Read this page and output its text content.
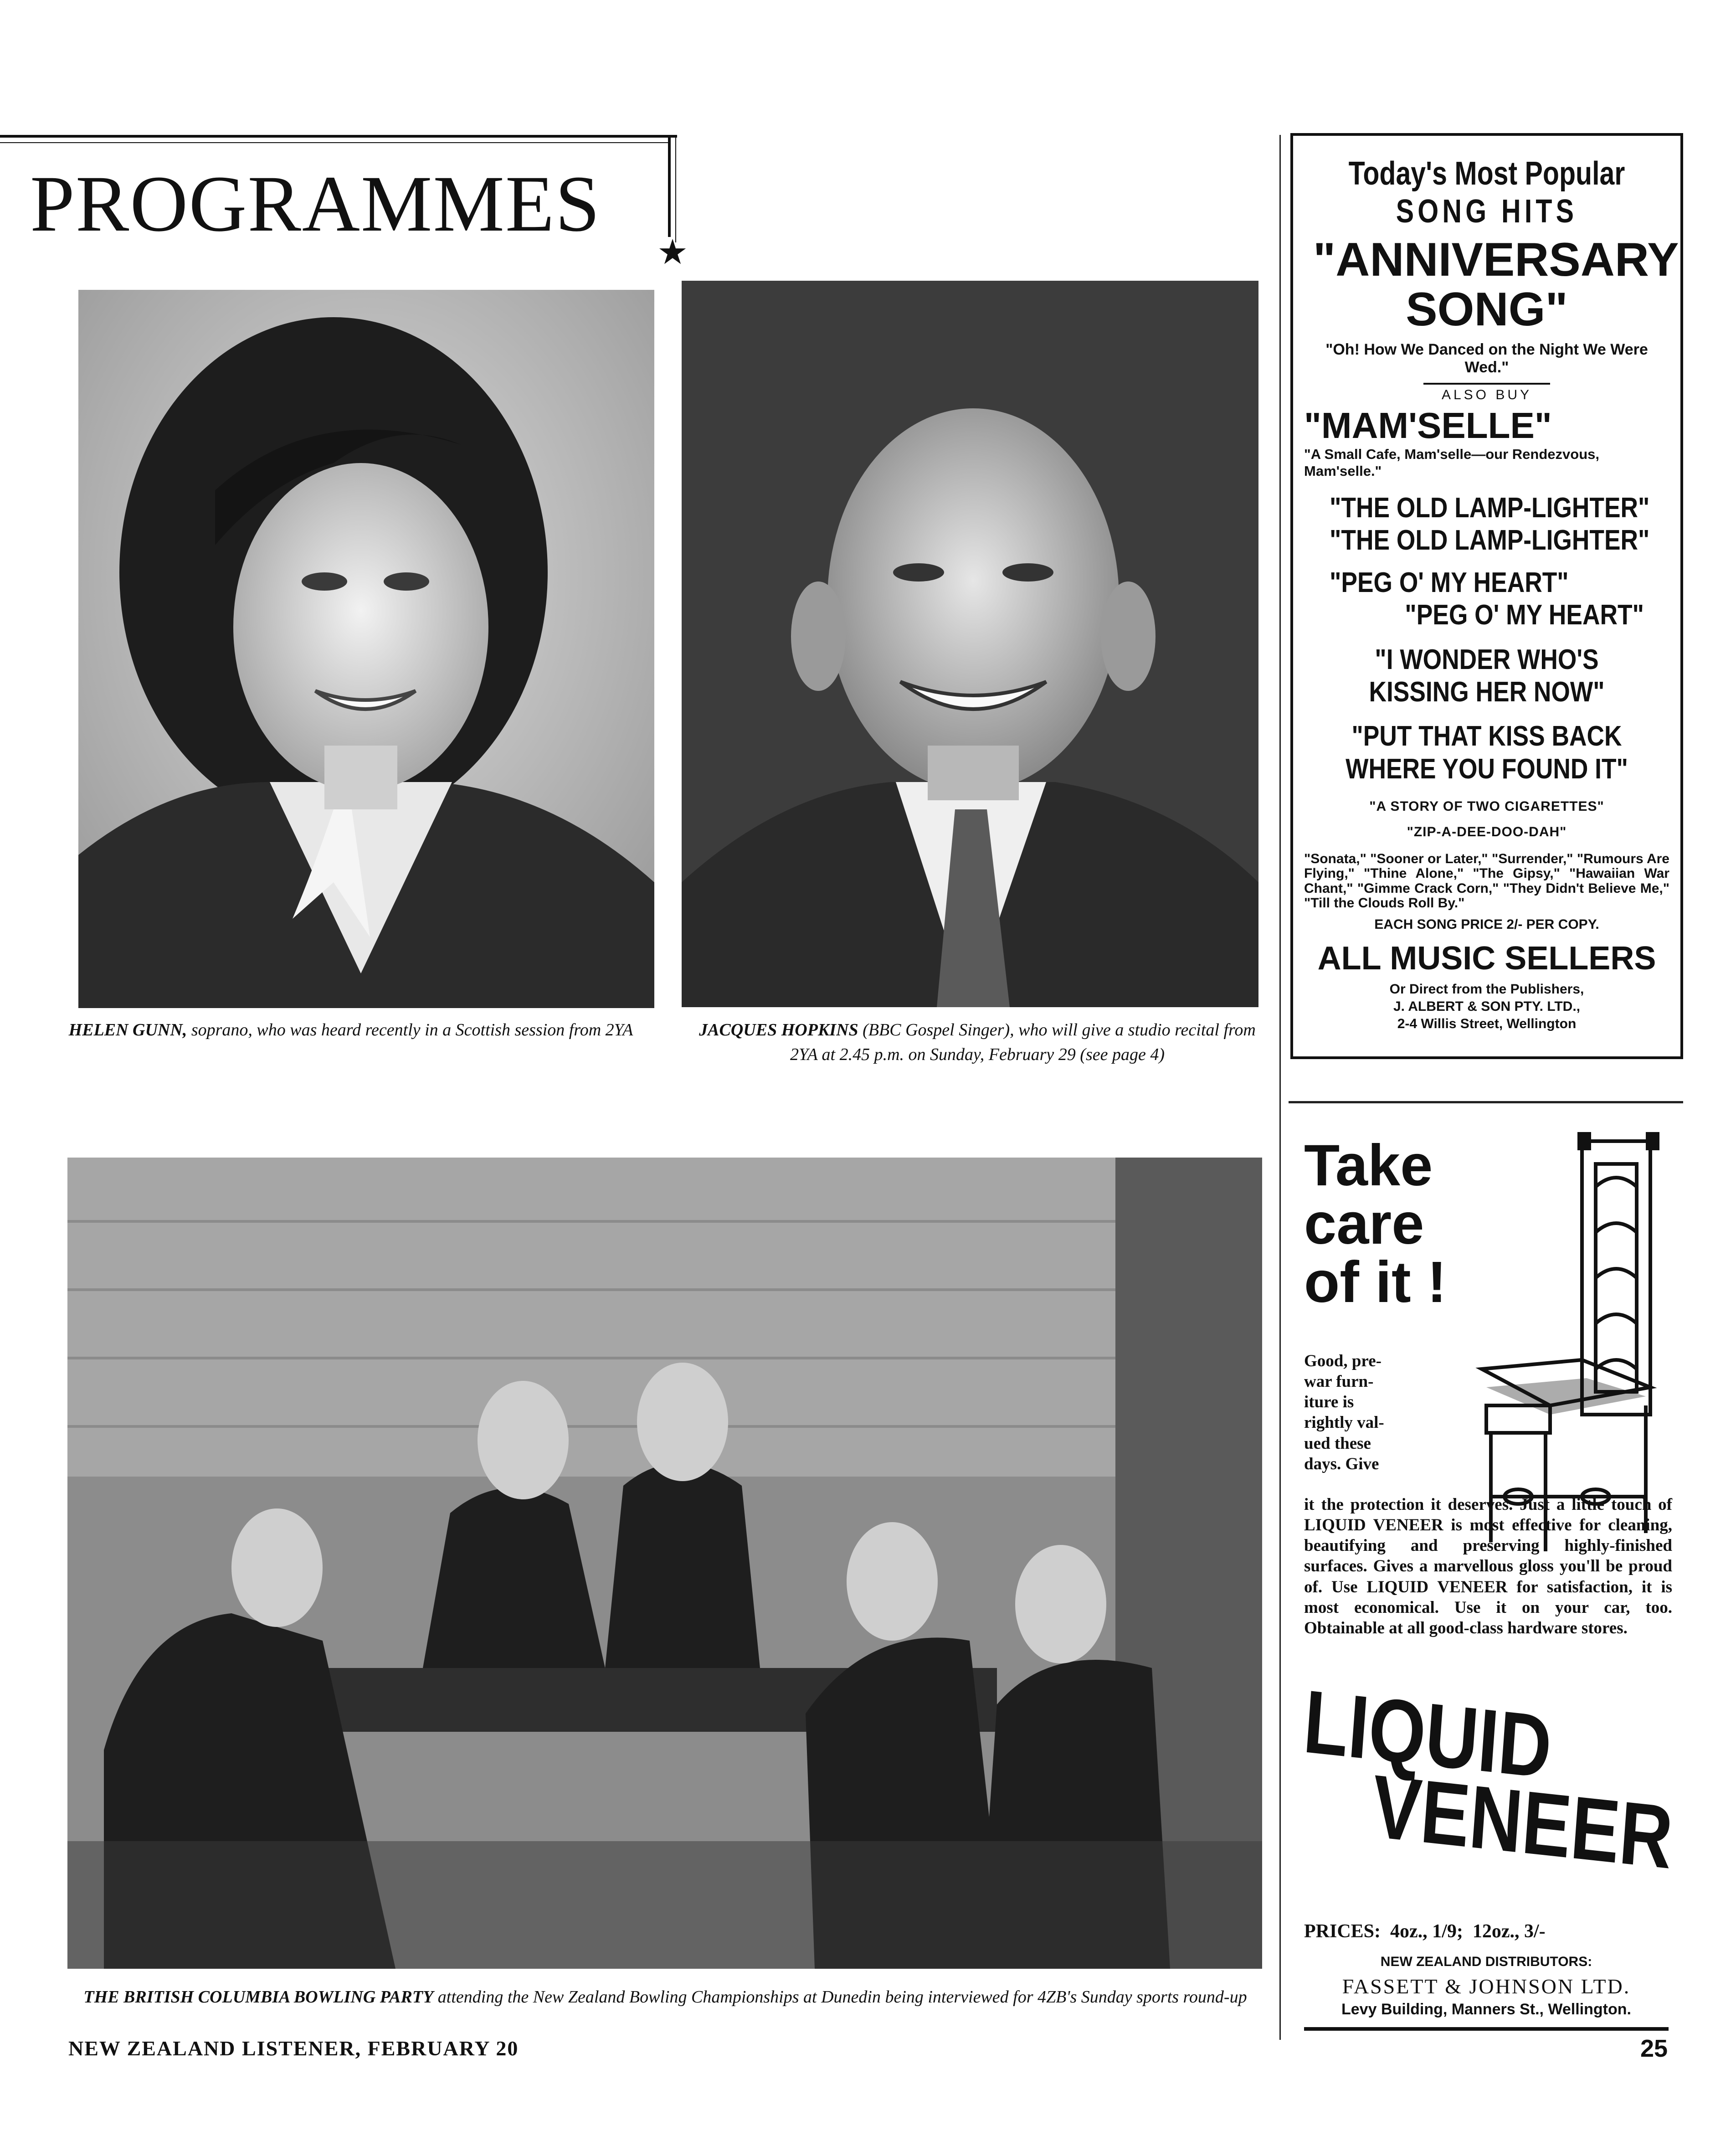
PROGRAMMES
★
HELEN GUNN, soprano, who was heard recently in a Scottish session from 2YA	JACQUES HOPKINS (BBC Gospel Singer), who will give a studio recital from 2YA at 2.45 p.m. on Sunday, February 29 (see page 4)
THE BRITISH COLUMBIA BOWLING PARTY attending the New Zealand Bowling Championships at Dunedin being interviewed for 4ZB's Sunday sports round-up
Today's Most Popular
SONG HITS
"ANNIVERSARY SONG"
"Oh! How We Danced on the Night We Were Wed."
ALSO BUY
"MAM'SELLE"
"A Small Cafe, Mam'selle—our Rendezvous, Mam'selle."
"THE OLD LAMP-LIGHTER"
"THE OLD LAMP-LIGHTER"
"PEG O' MY HEART"
"PEG O' MY HEART"
"I WONDER WHO'S KISSING HER NOW"
"PUT THAT KISS BACK WHERE YOU FOUND IT"
"A STORY OF TWO CIGARETTES"
"ZIP-A-DEE-DOO-DAH"
"Sonata," "Sooner or Later," "Surrender," "Rumours Are Flying," "Thine Alone," "The Gipsy," "Hawaiian War Chant," "Gimme Crack Corn," "They Didn't Believe Me," "Till the Clouds Roll By."
EACH SONG PRICE 2/- PER COPY.
ALL MUSIC SELLERS
Or Direct from the Publishers,
J. ALBERT & SON PTY. LTD.,
2-4 Willis Street, Wellington
Take
care
of it !
Good, pre-
war furn-
iture is
rightly val-
ued these
days. Give
it the protection it deserves. Just a little touch of LIQUID VENEER is most effective for cleaning, beautifying and preserving highly-finished surfaces. Gives a marvellous gloss you'll be proud of. Use LIQUID VENEER for satisfaction, it is most economical. Use it on your car, too. Obtainable at all good-class hardware stores.
LIQUID
VENEER
PRICES:  4oz., 1/9;  12oz., 3/-
NEW ZEALAND DISTRIBUTORS:
FASSETT & JOHNSON LTD.
Levy Building, Manners St., Wellington.
NEW ZEALAND LISTENER, FEBRUARY 20	25
